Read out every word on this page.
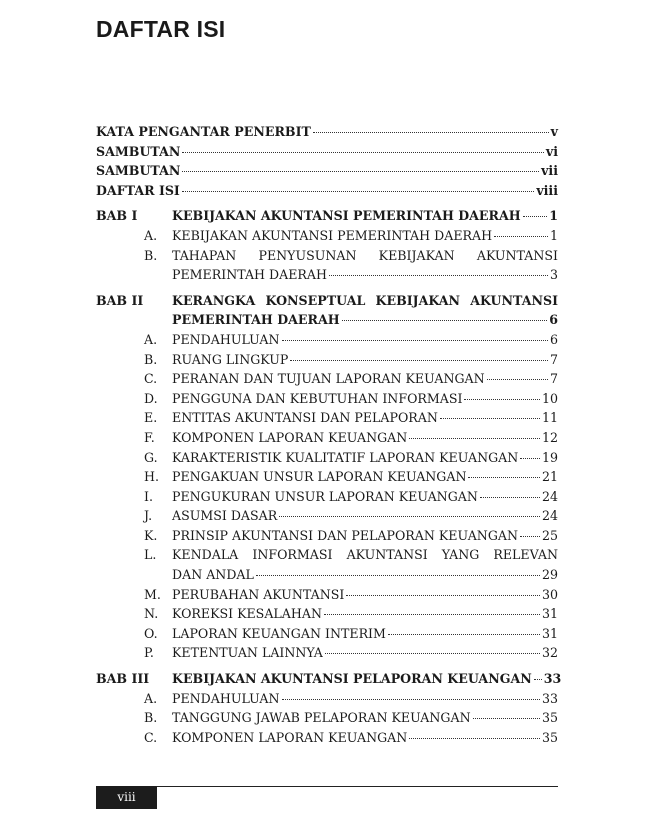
DAFTAR ISI
KATA PENGANTAR PENERBIT	v
SAMBUTAN	vi
SAMBUTAN	vii
DAFTAR ISI	viii
BAB I	KEBIJAKAN AKUNTANSI PEMERINTAH DAERAH 1
A. KEBIJAKAN AKUNTANSI PEMERINTAH DAERAH	1
B. TAHAPAN PENYUSUNAN KEBIJAKAN AKUNTANSI
PEMERINTAH DAERAH	3
BAB II KERANGKA KONSEPTUAL KEBIJAKAN AKUNTANSI
PEMERINTAH DAERAH	6
A. PENDAHULUAN	6
B. RUANG LINGKUP	7
C. PERANAN DAN TUJUAN LAPORAN KEUANGAN	7
D. PENGGUNA DAN KEBUTUHAN INFORMASI	10
E. ENTITAS AKUNTANSI DAN PELAPORAN	11
F. KOMPONEN LAPORAN KEUANGAN	12
G. KARAKTERISTIK KUALITATIF LAPORAN KEUANGAN 19
H. PENGAKUAN UNSUR LAPORAN KEUANGAN	21
I. PENGUKURAN UNSUR LAPORAN KEUANGAN	24
J. ASUMSI DASAR	24
K. PRINSIP AKUNTANSI DAN PELAPORAN KEUANGAN 25
L. KENDALA INFORMASI AKUNTANSI YANG RELEVAN
DAN ANDAL	29
M. PERUBAHAN AKUNTANSI	30
N. KOREKSI KESALAHAN	31
O. LAPORAN KEUANGAN INTERIM	31
P. KETENTUAN LAINNYA	32
BAB III KEBIJAKAN AKUNTANSI PELAPORAN KEUANGAN 33
A. PENDAHULUAN	33
B. TANGGUNG JAWAB PELAPORAN KEUANGAN	35
C. KOMPONEN LAPORAN KEUANGAN	35
viii
